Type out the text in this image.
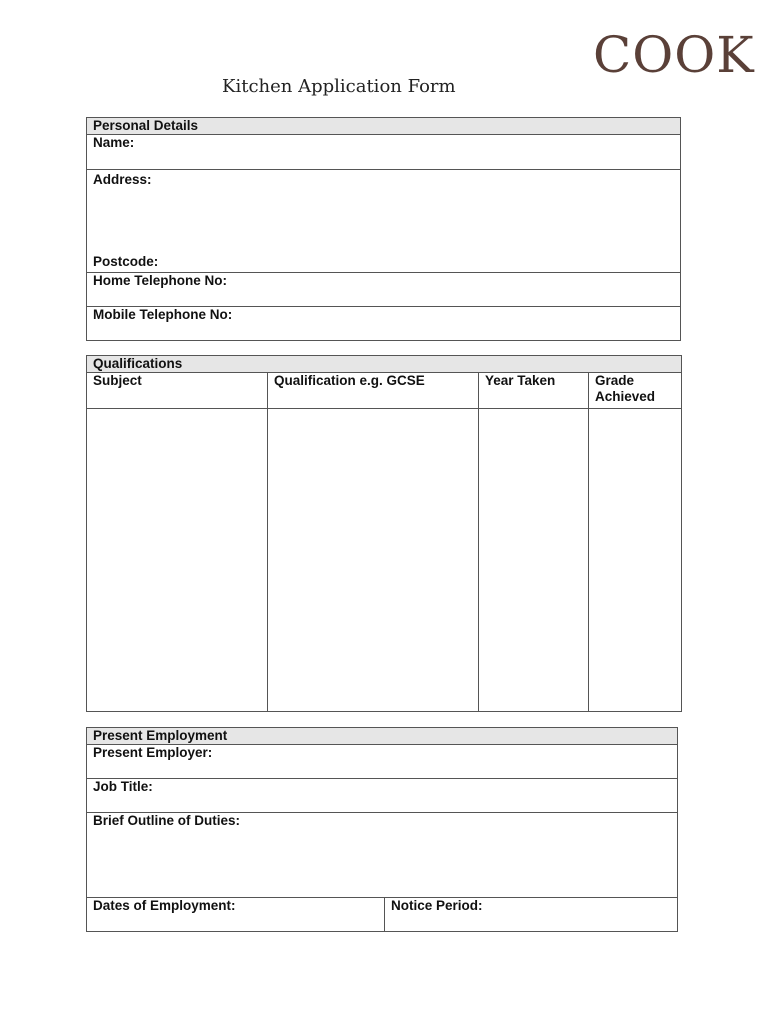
COOK
Kitchen Application Form
Personal Details
Name:
Address:
Postcode:

Home Telephone No:
Mobile Telephone No:
Qualifications			
Subject	Qualification e.g. GCSE	Year Taken	Grade Achieved

Present Employment
Present Employer:
Job Title:
Brief Outline of Duties:
Dates of Employment:	Notice Period:
